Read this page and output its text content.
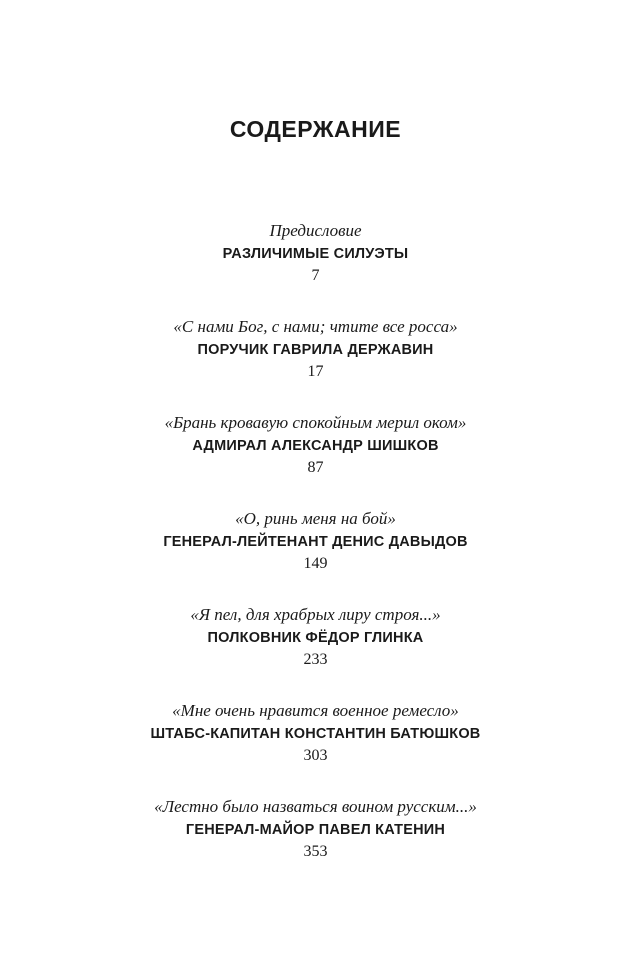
СОДЕРЖАНИЕ
Предисловие
РАЗЛИЧИМЫЕ СИЛУЭТЫ
7
«С нами Бог, с нами; чтите все росса»
ПОРУЧИК ГАВРИЛА ДЕРЖАВИН
17
«Брань кровавую спокойным мерил оком»
АДМИРАЛ АЛЕКСАНДР ШИШКОВ
87
«О, ринь меня на бой»
ГЕНЕРАЛ-ЛЕЙТЕНАНТ ДЕНИС ДАВЫДОВ
149
«Я пел, для храбрых лиру строя...»
ПОЛКОВНИК ФЁДОР ГЛИНКА
233
«Мне очень нравится военное ремесло»
ШТАБС-КАПИТАН КОНСТАНТИН БАТЮШКОВ
303
«Лестно было назваться воином русским...»
ГЕНЕРАЛ-МАЙОР ПАВЕЛ КАТЕНИН
353
